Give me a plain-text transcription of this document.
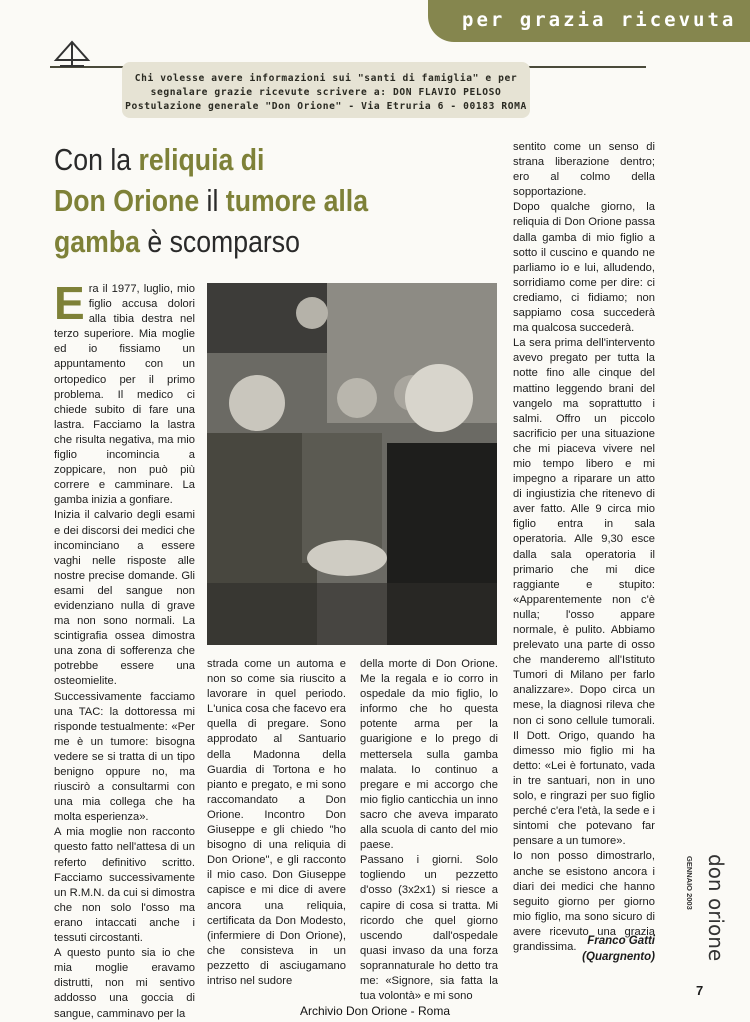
per grazia ricevuta
Chi volesse avere informazioni sui "santi di famiglia" e per
segnalare grazie ricevute scrivere a: DON FLAVIO PELOSO
Postulazione generale "Don Orione" - Via Etruria 6 - 00183 ROMA
Con la reliquia di
Don Orione il tumore alla
gamba è scomparso
E ra il 1977, luglio, mio figlio accusa dolori alla tibia destra nel terzo superiore. Mia moglie ed io fissiamo un appuntamento con un ortopedico per il primo problema. Il medico ci chiede subito di fare una lastra. Facciamo la lastra che risulta negativa, ma mio figlio incomincia a zoppicare, non può più correre e camminare. La gamba inizia a gonfiare.

Inizia il calvario degli esami e dei discorsi dei medici che incominciano a essere vaghi nelle risposte alle nostre precise domande. Gli esami del sangue non evidenziano nulla di grave ma non sono normali. La scintigrafia ossea dimostra una zona di sofferenza che potrebbe essere una osteomielite.

Successivamente facciamo una TAC: la dottoressa mi risponde testualmente: «Per me è un tumore: bisogna vedere se si tratta di un tipo benigno oppure no, ma riuscirò a consultarmi con una mia collega che ha molta esperienza».

A mia moglie non racconto questo fatto nell'attesa di un referto definitivo scritto. Facciamo successivamente un R.M.N. da cui si dimostra che non solo l'osso ma erano intaccati anche i tessuti circostanti.

A questo punto sia io che mia moglie eravamo distrutti, non mi sentivo addosso una goccia di sangue, camminavo per la

strada come un automa e non so come sia riuscito a lavorare in quel periodo. L'unica cosa che facevo era quella di pregare. Sono approdato al Santuario della Madonna della Guardia di Tortona e ho pianto e pregato, e mi sono raccomandato a Don Orione. Incontro Don Giuseppe e gli chiedo "ho bisogno di una reliquia di Don Orione", e gli racconto il mio caso. Don Giuseppe capisce e mi dice di avere ancora una reliquia, certificata da Don Modesto, (infermiere di Don Orione), che consisteva in un pezzetto di asciugamano intriso nel sudore

della morte di Don Orione. Me la regala e io corro in ospedale da mio figlio, lo informo che ho questa potente arma per la guarigione e lo prego di mettersela sulla gamba malata. Io continuo a pregare e mi accorgo che mio figlio canticchia un inno sacro che aveva imparato alla scuola di canto del mio paese.

Passano i giorni. Solo togliendo un pezzetto d'osso (3x2x1) si riesce a capire di cosa si tratta. Mi ricordo che quel giorno uscendo dall'ospedale quasi invaso da una forza soprannaturale ho detto tra me: «Signore, sia fatta la tua volontà» e mi sono

sentito come un senso di strana liberazione dentro; ero al colmo della sopportazione.

Dopo qualche giorno, la reliquia di Don Orione passa dalla gamba di mio figlio a sotto il cuscino e quando ne parliamo io e lui, alludendo, sorridiamo come per dire: ci crediamo, ci fidiamo; non sappiamo cosa succederà ma qualcosa succederà.

La sera prima dell'intervento avevo pregato per tutta la notte fino alle cinque del mattino leggendo brani del vangelo ma soprattutto i salmi. Offro un piccolo sacrificio per una situazione che mi piaceva vivere nel mio tempo libero e mi impegno a riparare un atto di ingiustizia che ritenevo di aver fatto. Alle 9 circa mio figlio entra in sala operatoria. Alle 9,30 esce dalla sala operatoria il primario che mi dice raggiante e stupito: «Apparentemente non c'è nulla; l'osso appare normale, è pulito. Abbiamo prelevato una parte di osso che manderemo all'Istituto Tumori di Milano per farlo analizzare». Dopo circa un mese, la diagnosi rileva che non ci sono cellule tumorali. Il Dott. Origo, quando ha dimesso mio figlio mi ha detto: «Lei è fortunato, vada in tre santuari, non in uno solo, e ringrazi per suo figlio perché c'era l'età, la sede e i sintomi che potevano far pensare a un tumore».

Io non posso dimostrarlo, anche se esistono ancora i diari dei medici che hanno seguito giorno per giorno mio figlio, ma sono sicuro di avere ricevuto una grazia grandissima. Franco Gatti
(Quargnento) don orione
GENNAIO 2003
7
Archivio Don Orione - Roma
